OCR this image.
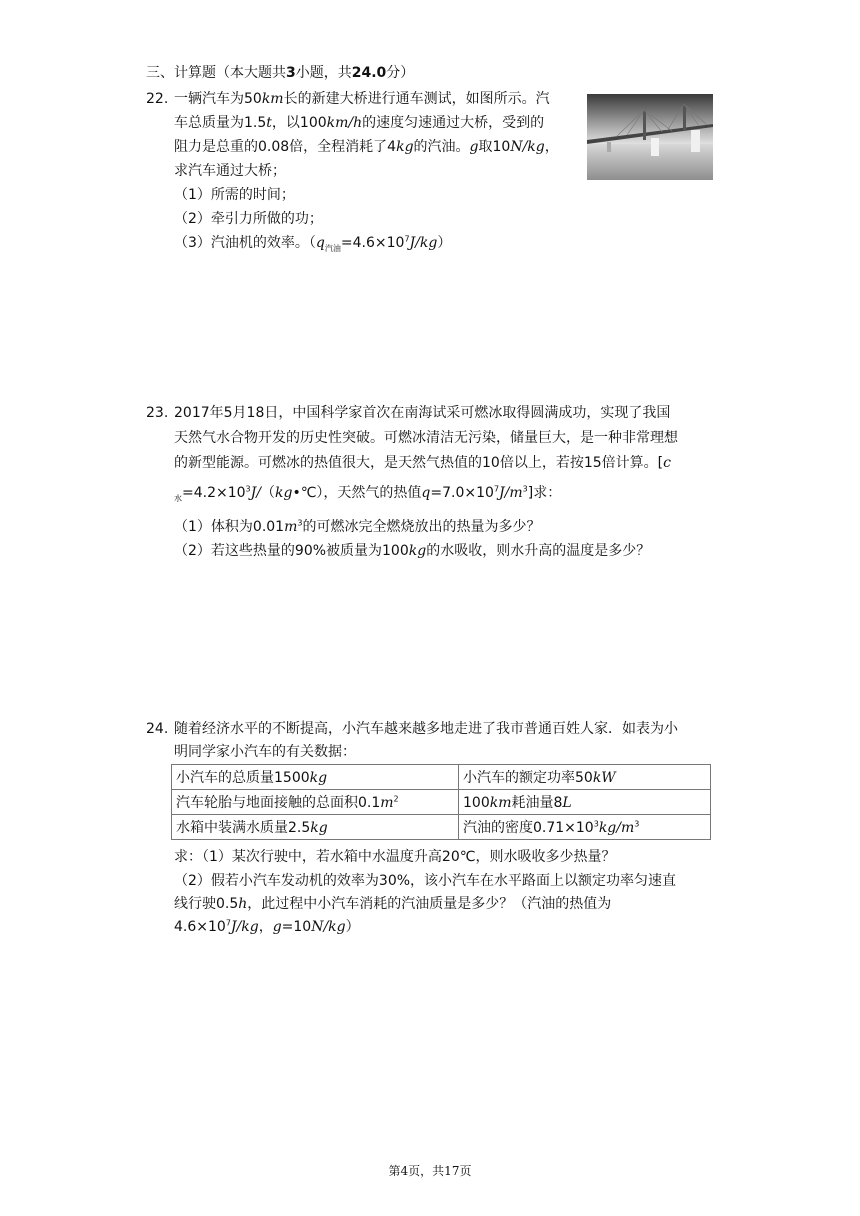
三、计算题（本大题共3小题，共24.0分）
22. 一辆汽车为50km长的新建大桥进行通车测试，如图所示。汽
车总质量为1.5t，以100km/h的速度匀速通过大桥，受到的
阻力是总重的0.08倍，全程消耗了4kg的汽油。g取10N/kg，
求汽车通过大桥；
（1）所需的时间；
（2）牵引力所做的功；
（3）汽油机的效率。$(q_{汽油}=4.6\times 10^7J/kg)$
23. 2017年5月18日，中国科学家首次在南海试采可燃冰取得圆满成功，实现了我国
天然气水合物开发的历史性突破。可燃冰清洁无污染，储量巨大，是一种非常理想
的新型能源。可燃冰的热值很大，是天然气热值的10倍以上，若按15倍计算。[c
$_水=4.2\times 10^3J/(kg•℃)$，天然气的热值$q=7.0\times 10^7J/m^3$]求：
（1）体积为$0.01m^3$的可燃冰完全燃烧放出的热量为多少？
（2）若这些热量的90%被质量为100kg的水吸收，则水升高的温度是多少？
24. 随着经济水平的不断提高，小汽车越来越多地走进了我市普通百姓人家．如表为小
明同学家小汽车的有关数据：
小汽车的总质量1500kg	小汽车的额定功率50kW
汽车轮胎与地面接触的总面积$0.1m^2$	100km耗油量8L
水箱中装满水质量2.5kg	汽油的密度$0.71\times 10^3kg/m^3$
求：（1）某次行驶中，若水箱中水温度升高20℃，则水吸收多少热量？
（2）假若小汽车发动机的效率为30%，该小汽车在水平路面上以额定功率匀速直
线行驶0.5h，此过程中小汽车消耗的汽油质量是多少？（汽油的热值为
$4.6\times 10^7J/kg$，g=10N/kg）
第4页，共17页
